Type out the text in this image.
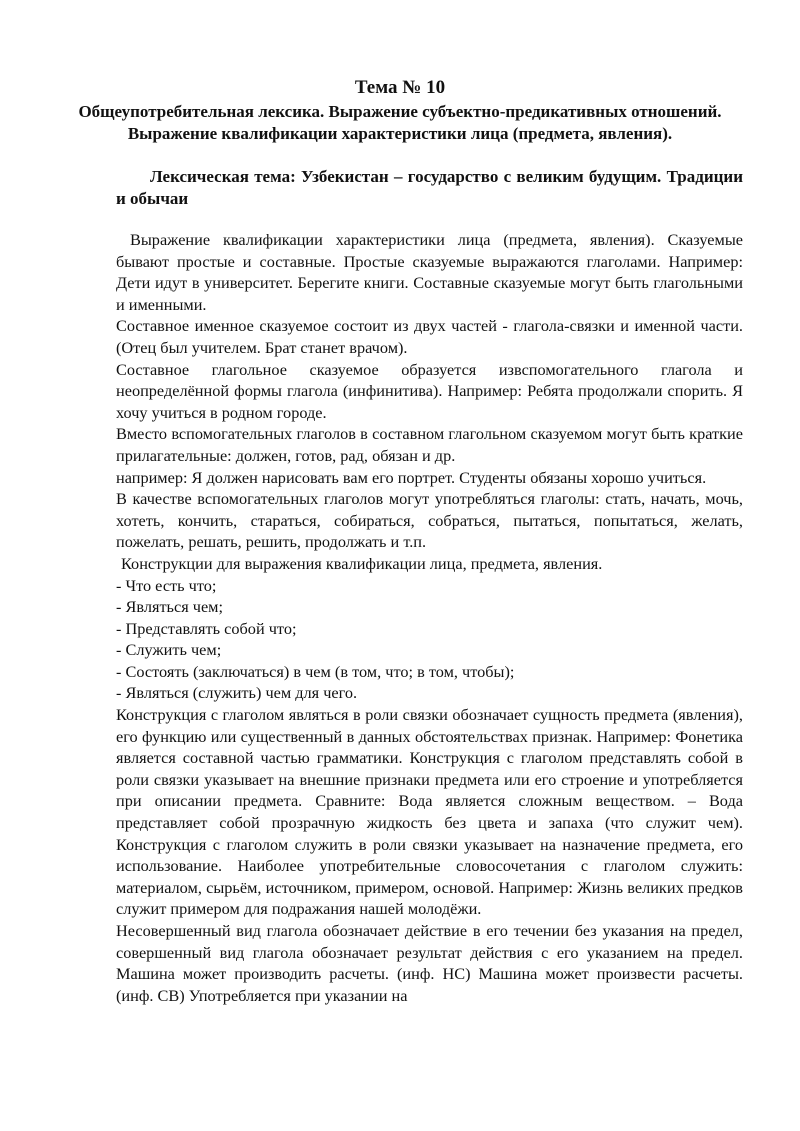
Тема № 10
Общеупотребительная лексика. Выражение субъектно-предикативных отношений. Выражение квалификации характеристики лица (предмета, явления).

Лексическая тема: Узбекистан – государство с великим будущим. Традиции и обычаи

Выражение квалификации характеристики лица (предмета, явления). Сказуемые бывают простые и составные. Простые сказуемые выражаются глаголами. Например: Дети идут в университет. Берегите книги. Составные сказуемые могут быть глагольными и именными.

Составное именное сказуемое состоит из двух частей - глагола-связки и именной части. (Отец был учителем. Брат станет врачом).

Составное глагольное сказуемое образуется извспомогательного глагола и неопределённой формы глагола (инфинитива). Например: Ребята продолжали спорить. Я хочу учиться в родном городе.

Вместо вспомогательных глаголов в составном глагольном сказуемом могут быть краткие прилагательные: должен, готов, рад, обязан и др.

например: Я должен нарисовать вам его портрет. Студенты обязаны хорошо учиться.

В качестве вспомогательных глаголов могут употребляться глаголы: стать, начать, мочь, хотеть, кончить, стараться, собираться, собраться, пытаться, попытаться, желать, пожелать, решать, решить, продолжать и т.п.

Конструкции для выражения квалификации лица, предмета, явления.

- Что есть что;

- Являться чем;

- Представлять собой что;

- Служить чем;

- Состоять (заключаться) в чем (в том, что; в том, чтобы);

- Являться (служить) чем для чего.

Конструкция с глаголом являться в роли связки обозначает сущность предмета (явления), его функцию или существенный в данных обстоятельствах признак. Например: Фонетика является составной частью грамматики. Конструкция с глаголом представлять собой в роли связки указывает на внешние признаки предмета или его строение и употребляется при описании предмета. Сравните: Вода является сложным веществом. – Вода представляет собой прозрачную жидкость без цвета и запаха (что служит чем). Конструкция с глаголом служить в роли связки указывает на назначение предмета, его использование. Наиболее употребительные словосочетания с глаголом служить: материалом, сырьём, источником, примером, основой. Например: Жизнь великих предков служит примером для подражания нашей молодёжи.

Несовершенный вид глагола обозначает действие в его течении без указания на предел, совершенный вид глагола обозначает результат действия с его указанием на предел. Машина может производить расчеты. (инф. НС) Машина может произвести расчеты. (инф. СВ) Употребляется при указании на
